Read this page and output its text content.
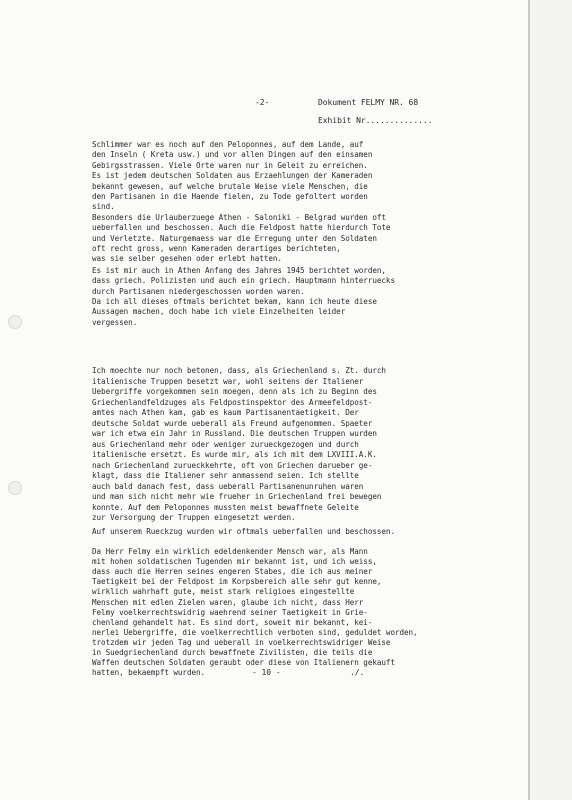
-2-	Dokument FELMY NR. 68
Exhibit Nr..............
Schlimmer war es noch auf den Peloponnes, auf dem Lande, auf
den Inseln ( Kreta usw.) und vor allen Dingen auf den einsamen
Gebirgsstrassen. Viele Orte waren nur in Geleit zu erreichen.
Es ist jedem deutschen Soldaten aus Erzaehlungen der Kameraden
bekannt gewesen, auf welche brutale Weise viele Menschen, die
den Partisanen in die Haende fielen, zu Tode gefoltert worden
sind.
Besonders die Urlauberzuege Athen - Saloniki - Belgrad wurden oft
ueberfallen und beschossen. Auch die Feldpost hatte hierdurch Tote
und Verletzte. Naturgemaess war die Erregung unter den Soldaten
oft recht gross, wenn Kameraden derartiges berichteten,
was sie selber gesehen oder erlebt hatten.
Es ist mir auch in Athen Anfang des Jahres 1945 berichtet worden,
dass griech. Polizisten und auch ein griech. Hauptmann hinterruecks
durch Partisanen niedergeschossen worden waren.
Da ich all dieses oftmals berichtet bekam, kann ich heute diese
Aussagen machen, doch habe ich viele Einzelheiten leider
vergessen.
Ich moechte nur noch betonen, dass, als Griechenland s. Zt. durch
italienische Truppen besetzt war, wohl seitens der Italiener
Uebergriffe vorgekommen sein moegen, denn als ich zu Beginn des
Griechenlandfeldzuges als Feldpostinspektor des Armeefeldpost-
amtes nach Athen kam, gab es kaum Partisanentaetigkeit. Der
deutsche Soldat wurde ueberall als Freund aufgenommen. Spaeter
war ich etwa ein Jahr in Russland. Die deutschen Truppen wurden
aus Griechenland mehr oder weniger zurueckgezogen und durch
italienische ersetzt. Es wurde mir, als ich mit dem LXVIII.A.K.
nach Griechenland zurueckkehrte, oft von Griechen darueber ge-
klagt, dass die Italiener sehr anmassend seien. Ich stellte
auch bald danach fest, dass ueberall Partisanenunruhen waren
und man sich nicht mehr wie frueher in Griechenland frei bewegen
konnte. Auf dem Peloponnes mussten meist bewaffnete Geleite
zur Versorgung der Truppen eingesetzt werden.
Auf unserem Rueckzug wurden wir oftmals ueberfallen und beschossen.
Da Herr Felmy ein wirklich edeldenkender Mensch war, als Mann
mit hohen soldatischen Tugenden mir bekannt ist, und ich weiss,
dass auch die Herren seines engeren Stabes, die ich aus meiner
Taetigkeit bei der Feldpost im Korpsbereich alle sehr gut kenne,
wirklich wahrhaft gute, meist stark religioes eingestellte
Menschen mit edlen Zielen waren, glaube ich nicht, dass Herr
Felmy voelkerrechtswidrig waehrend seiner Taetigkeit in Grie-
chenland gehandelt hat. Es sind dort, soweit mir bekannt, kei-
nerlei Uebergriffe, die voelkerrechtlich verboten sind, geduldet worden,
trotzdem wir jeden Tag und ueberall in voelkerrechtswidriger Weise
in Suedgriechenland durch bewaffnete Zivilisten, die teils die
Waffen deutschen Soldaten geraubt oder diese von Italienern gekauft
hatten, bekaempft wurden.	- 10 -	./.
